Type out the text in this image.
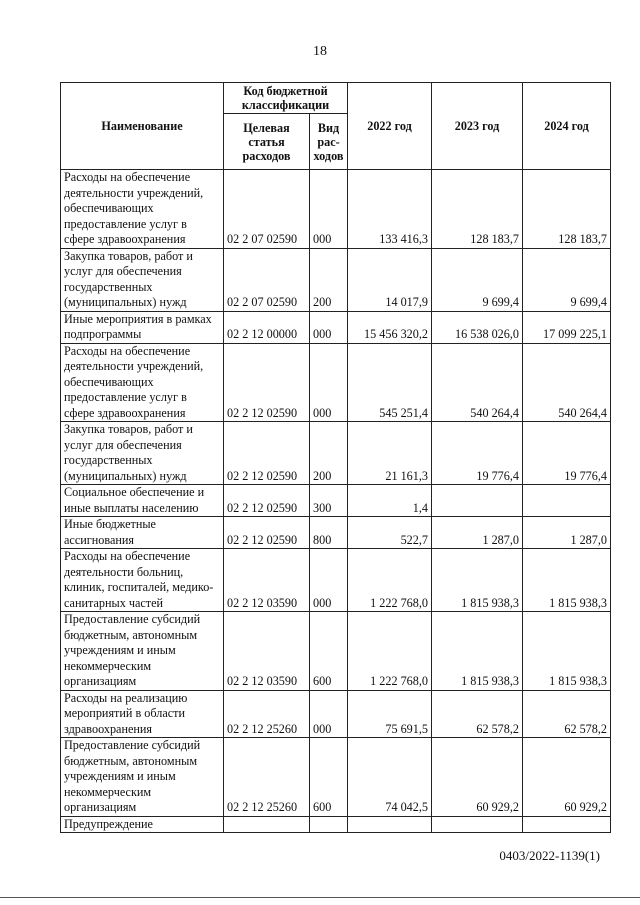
18
Наименование	Код бюджетной классификации		2022 год	2023 год	2024 год
	Целевая статья расходов	Вид рас- ходов			
Расходы на обеспечение деятельности учреждений, обеспечивающих предоставление услуг в сфере здравоохранения	02 2 07 02590	000	133 416,3	128 183,7	128 183,7
Закупка товаров, работ и услуг для обеспечения государственных (муниципальных) нужд	02 2 07 02590	200	14 017,9	9 699,4	9 699,4
Иные мероприятия в рамках подпрограммы	02 2 12 00000	000	15 456 320,2	16 538 026,0	17 099 225,1
Расходы на обеспечение деятельности учреждений, обеспечивающих предоставление услуг в сфере здравоохранения	02 2 12 02590	000	545 251,4	540 264,4	540 264,4
Закупка товаров, работ и услуг для обеспечения государственных (муниципальных) нужд	02 2 12 02590	200	21 161,3	19 776,4	19 776,4
Социальное обеспечение и иные выплаты населению	02 2 12 02590	300	1,4		
Иные бюджетные ассигнования	02 2 12 02590	800	522,7	1 287,0	1 287,0
Расходы на обеспечение деятельности больниц, клиник, госпиталей, медико-санитарных частей	02 2 12 03590	000	1 222 768,0	1 815 938,3	1 815 938,3
Предоставление субсидий бюджетным, автономным учреждениям и иным некоммерческим организациям	02 2 12 03590	600	1 222 768,0	1 815 938,3	1 815 938,3
Расходы на реализацию мероприятий в области здравоохранения	02 2 12 25260	000	75 691,5	62 578,2	62 578,2
Предоставление субсидий бюджетным, автономным учреждениям и иным некоммерческим организациям	02 2 12 25260	600	74 042,5	60 929,2	60 929,2
Предупреждение					
0403/2022-1139(1)
